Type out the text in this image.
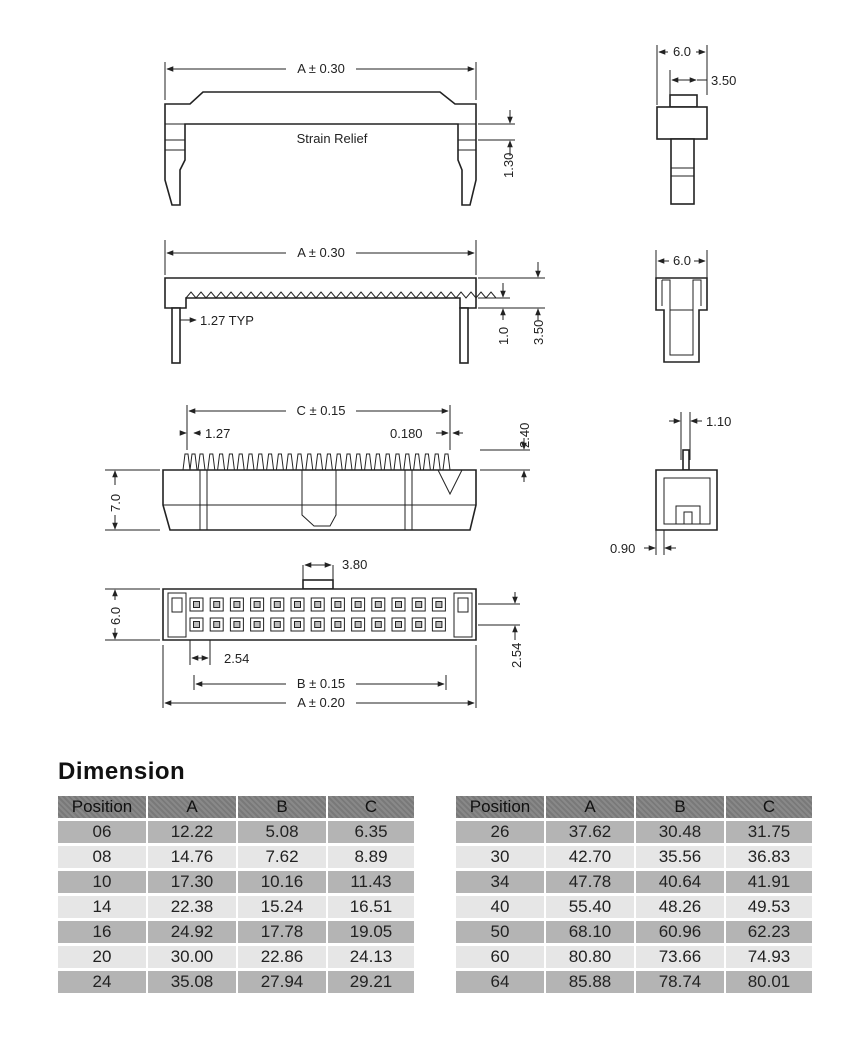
A ± 0.30
Strain Relief
1.30
A ± 0.30
1.27 TYP
1.0 3.50
C ± 0.15
1.27	0.180	2.40
7.0
3.80
6.0
2.54	2.54
B ± 0.15
A ± 0.20
6.0
3.50
6.0
1.10
0.90
Dimension
Position	A	B	C
06	12.22	5.08	6.35
08	14.76	7.62	8.89
10	17.30	10.16	11.43
14	22.38	15.24	16.51
16	24.92	17.78	19.05
20	30.00	22.86	24.13
24	35.08	27.94	29.21
Position	A	B	C
26	37.62	30.48	31.75
30	42.70	35.56	36.83
34	47.78	40.64	41.91
40	55.40	48.26	49.53
50	68.10	60.96	62.23
60	80.80	73.66	74.93
64	85.88	78.74	80.01
